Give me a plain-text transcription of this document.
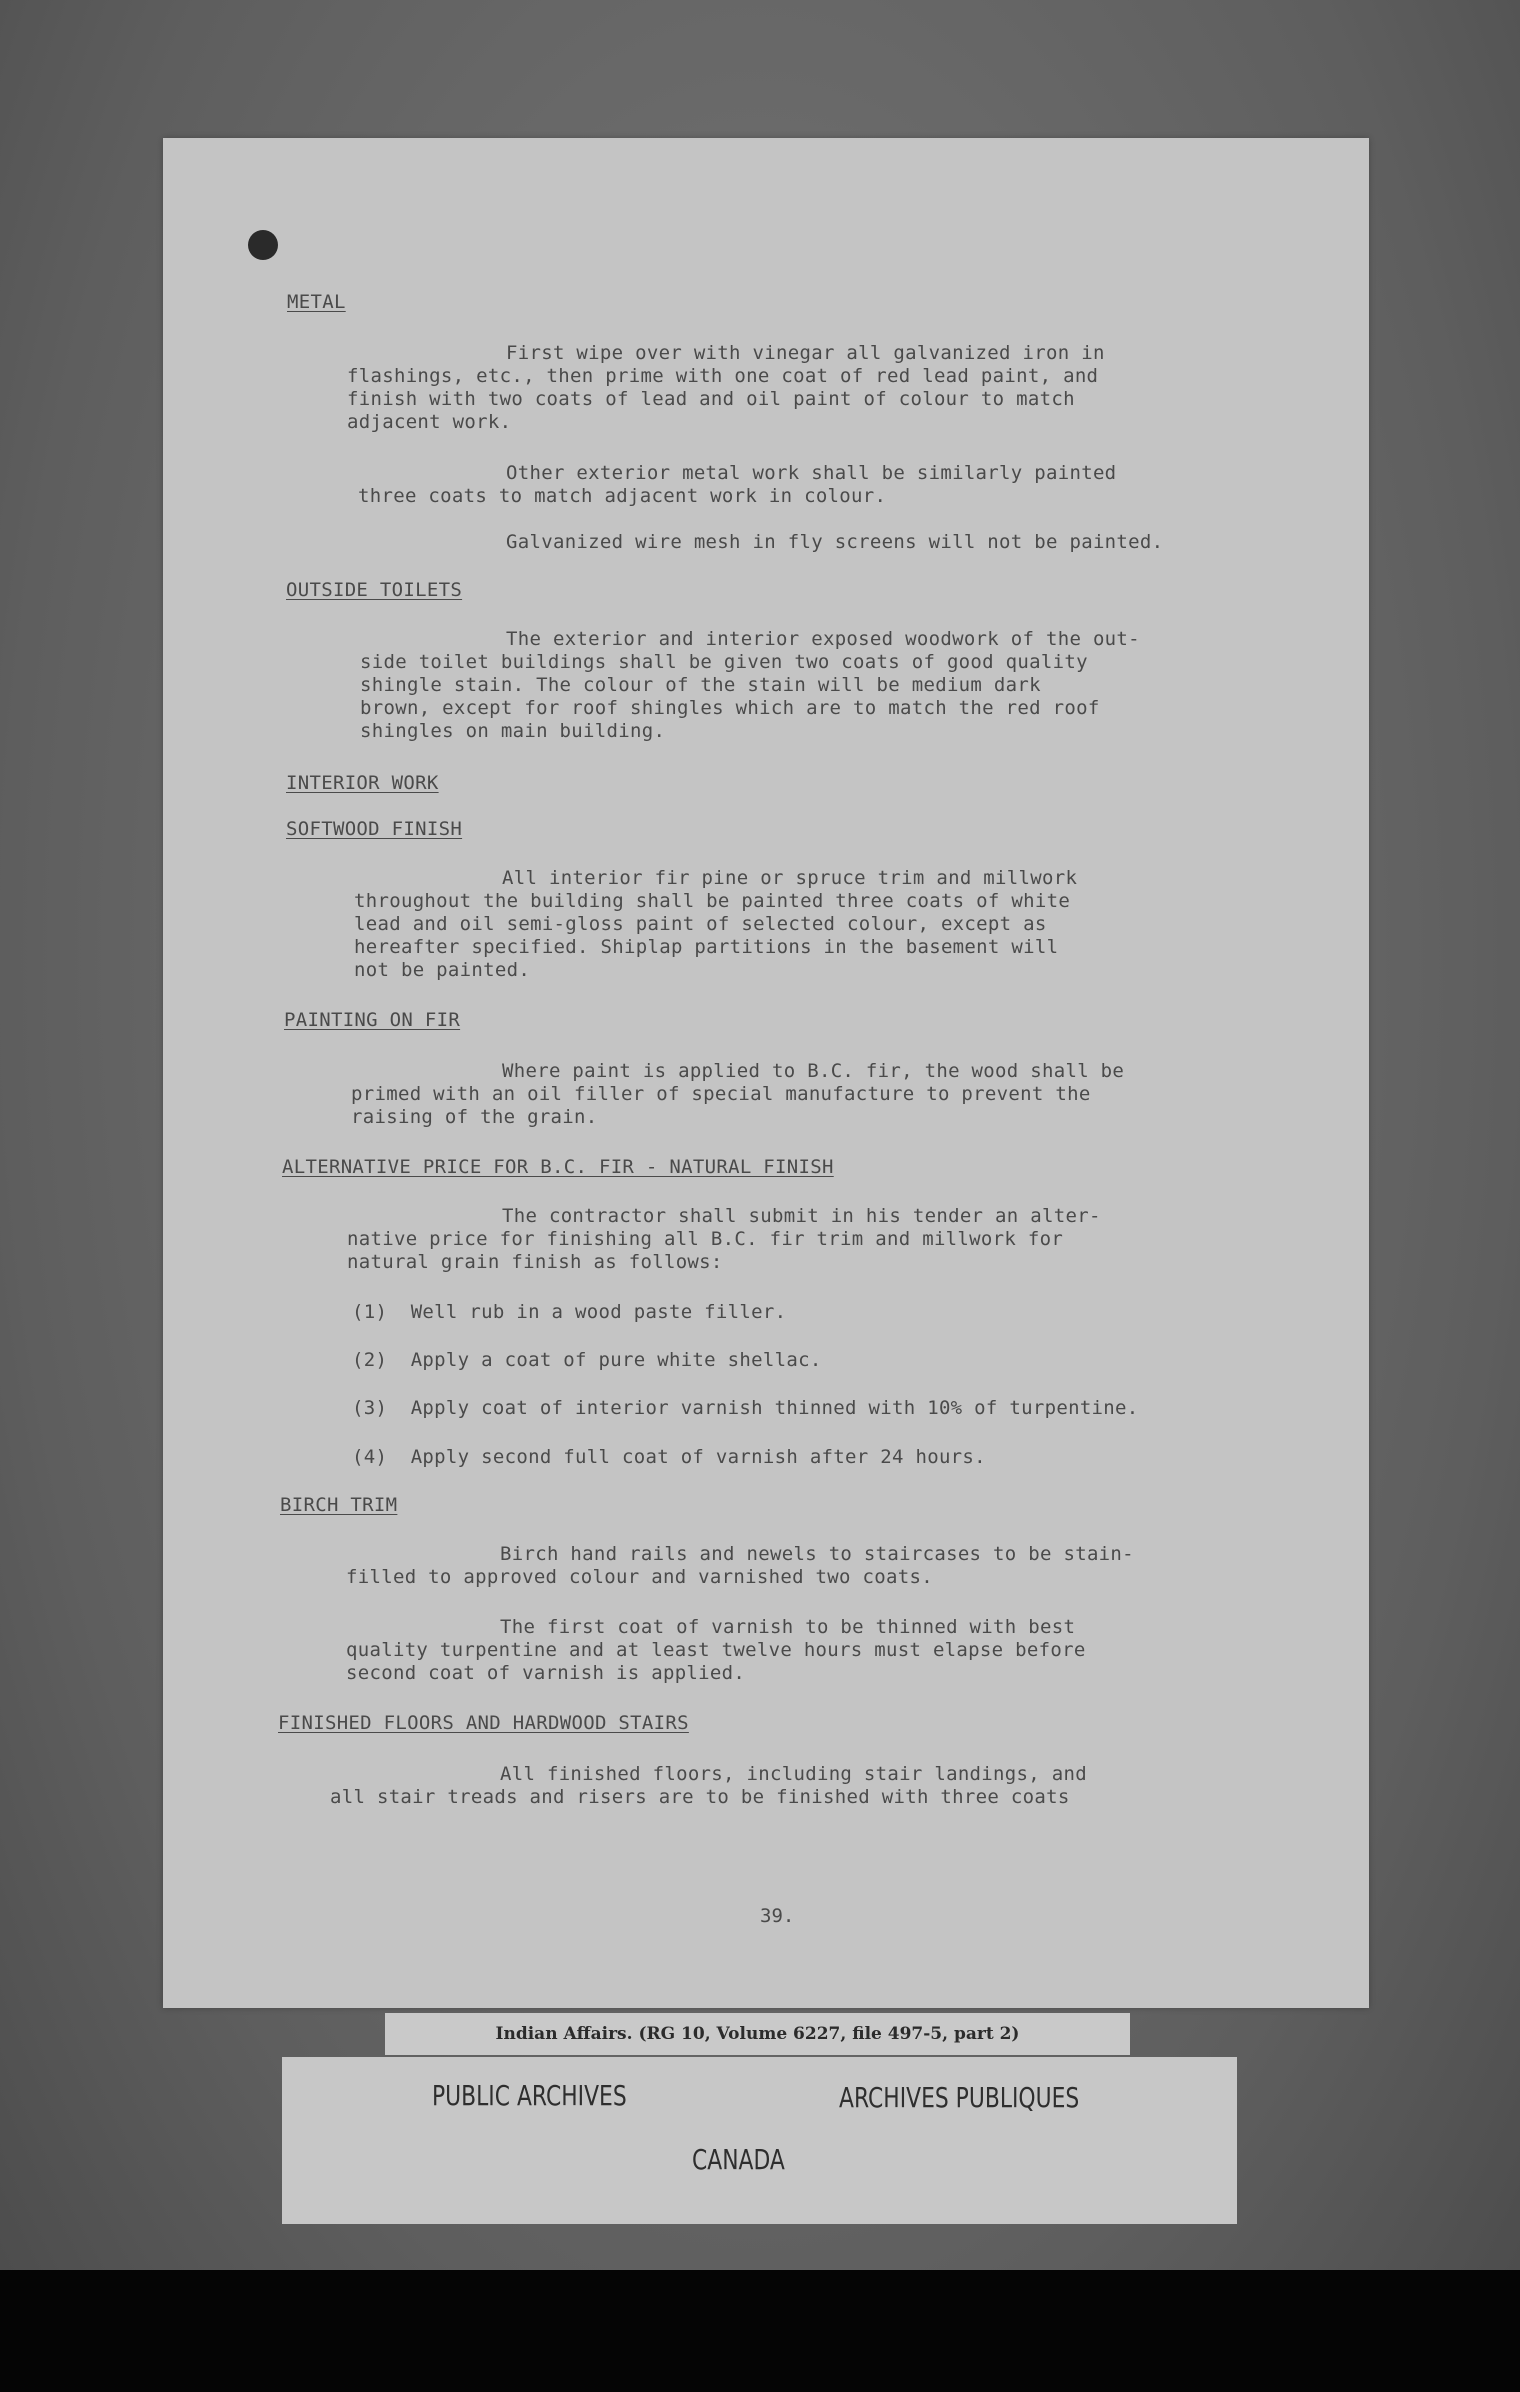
METAL
First wipe over with vinegar all galvanized iron in
flashings, etc., then prime with one coat of red lead paint, and
finish with two coats of lead and oil paint of colour to match
adjacent work.
Other exterior metal work shall be similarly painted
three coats to match adjacent work in colour.
Galvanized wire mesh in fly screens will not be painted.
OUTSIDE TOILETS
The exterior and interior exposed woodwork of the out-
side toilet buildings shall be given two coats of good quality
shingle stain. The colour of the stain will be medium dark
brown, except for roof shingles which are to match the red roof
shingles on main building.
INTERIOR WORK
SOFTWOOD FINISH
All interior fir pine or spruce trim and millwork
throughout the building shall be painted three coats of white
lead and oil semi-gloss paint of selected colour, except as
hereafter specified. Shiplap partitions in the basement will
not be painted.
PAINTING ON FIR
Where paint is applied to B.C. fir, the wood shall be
primed with an oil filler of special manufacture to prevent the
raising of the grain.
ALTERNATIVE PRICE FOR B.C. FIR - NATURAL FINISH
The contractor shall submit in his tender an alter-
native price for finishing all B.C. fir trim and millwork for
natural grain finish as follows:
(1)  Well rub in a wood paste filler.
(2)  Apply a coat of pure white shellac.
(3)  Apply coat of interior varnish thinned with 10% of turpentine.
(4)  Apply second full coat of varnish after 24 hours.
BIRCH TRIM
Birch hand rails and newels to staircases to be stain-
filled to approved colour and varnished two coats.
The first coat of varnish to be thinned with best
quality turpentine and at least twelve hours must elapse before
second coat of varnish is applied.
FINISHED FLOORS AND HARDWOOD STAIRS
All finished floors, including stair landings, and
all stair treads and risers are to be finished with three coats
39.
Indian Affairs. (RG 10, Volume 6227, file 497-5, part 2)
PUBLIC ARCHIVES	ARCHIVES PUBLIQUES
CANADA
